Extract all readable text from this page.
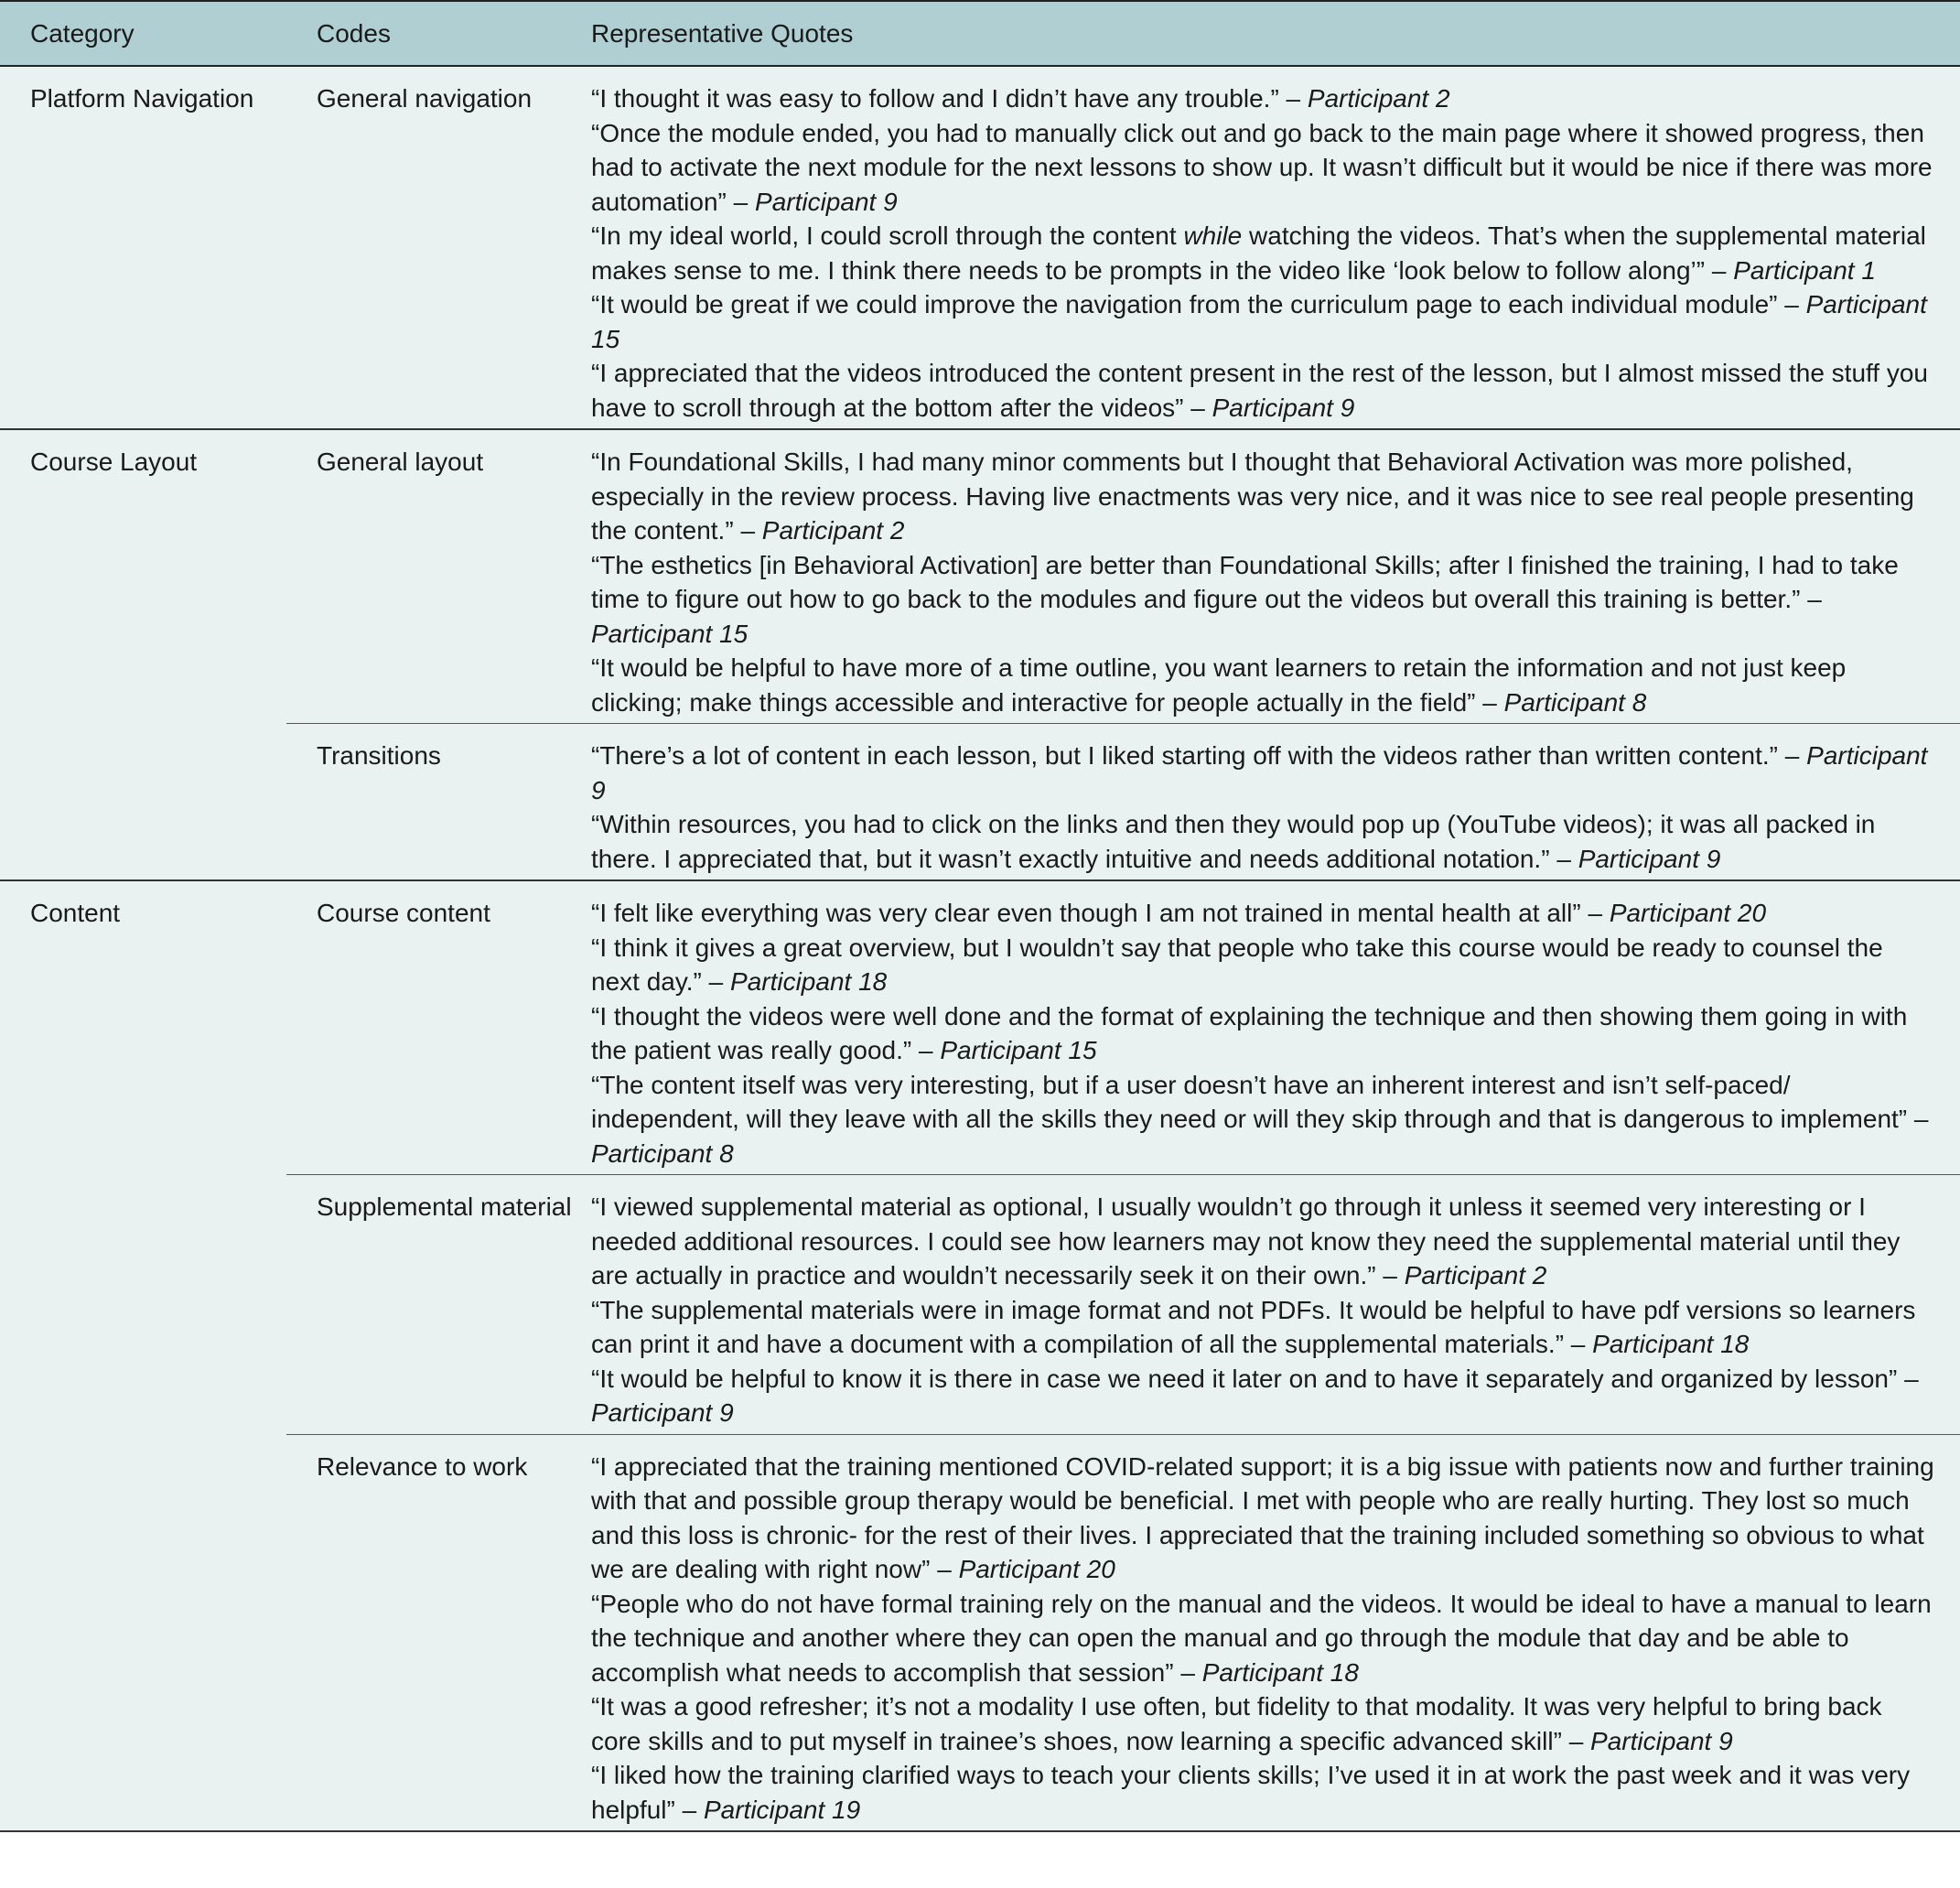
Category	Codes	Representative Quotes
Platform Navigation	General navigation	“I thought it was easy to follow and I didn’t have any trouble.” – Participant 2
“Once the module ended, you had to manually click out and go back to the main page where it showed progress, then had to activate the next module for the next lessons to show up. It wasn’t difficult but it would be nice if there was more automation” – Participant 9
“In my ideal world, I could scroll through the content while watching the videos. That’s when the supplemental material makes sense to me. I think there needs to be prompts in the video like ‘look below to follow along’” – Participant 1
“It would be great if we could improve the navigation from the curriculum page to each individual module” – Participant 15
“I appreciated that the videos introduced the content present in the rest of the lesson, but I almost missed the stuff you have to scroll through at the bottom after the videos” – Participant 9

Course Layout	General layout	“In Foundational Skills, I had many minor comments but I thought that Behavioral Activation was more polished, especially in the review process. Having live enactments was very nice, and it was nice to see real people presenting the content.” – Participant 2
“The esthetics [in Behavioral Activation] are better than Foundational Skills; after I finished the training, I had to take time to figure out how to go back to the modules and figure out the videos but overall this training is better.” – Participant 15
“It would be helpful to have more of a time outline, you want learners to retain the information and not just keep clicking; make things accessible and interactive for people actually in the field” – Participant 8

	Transitions	“There’s a lot of content in each lesson, but I liked starting off with the videos rather than written content.” – Participant 9
“Within resources, you had to click on the links and then they would pop up (YouTube videos); it was all packed in there. I appreciated that, but it wasn’t exactly intuitive and needs additional notation.” – Participant 9

Content	Course content	“I felt like everything was very clear even though I am not trained in mental health at all” – Participant 20
“I think it gives a great overview, but I wouldn’t say that people who take this course would be ready to counsel the next day.” – Participant 18
“I thought the videos were well done and the format of explaining the technique and then showing them going in with the patient was really good.” – Participant 15
“The content itself was very interesting, but if a user doesn’t have an inherent interest and isn’t self-paced/ independent, will they leave with all the skills they need or will they skip through and that is dangerous to implement” – Participant 8

	Supplemental material	“I viewed supplemental material as optional, I usually wouldn’t go through it unless it seemed very interesting or I needed additional resources. I could see how learners may not know they need the supplemental material until they are actually in practice and wouldn’t necessarily seek it on their own.” – Participant 2
“The supplemental materials were in image format and not PDFs. It would be helpful to have pdf versions so learners can print it and have a document with a compilation of all the supplemental materials.” – Participant 18
“It would be helpful to know it is there in case we need it later on and to have it separately and organized by lesson” – Participant 9

	Relevance to work	“I appreciated that the training mentioned COVID-related support; it is a big issue with patients now and further training with that and possible group therapy would be beneficial. I met with people who are really hurting. They lost so much and this loss is chronic- for the rest of their lives. I appreciated that the training included something so obvious to what we are dealing with right now” – Participant 20
“People who do not have formal training rely on the manual and the videos. It would be ideal to have a manual to learn the technique and another where they can open the manual and go through the module that day and be able to accomplish what needs to accomplish that session” – Participant 18
“It was a good refresher; it’s not a modality I use often, but fidelity to that modality. It was very helpful to bring back core skills and to put myself in trainee’s shoes, now learning a specific advanced skill” – Participant 9
“I liked how the training clarified ways to teach your clients skills; I’ve used it in at work the past week and it was very helpful” – Participant 19
